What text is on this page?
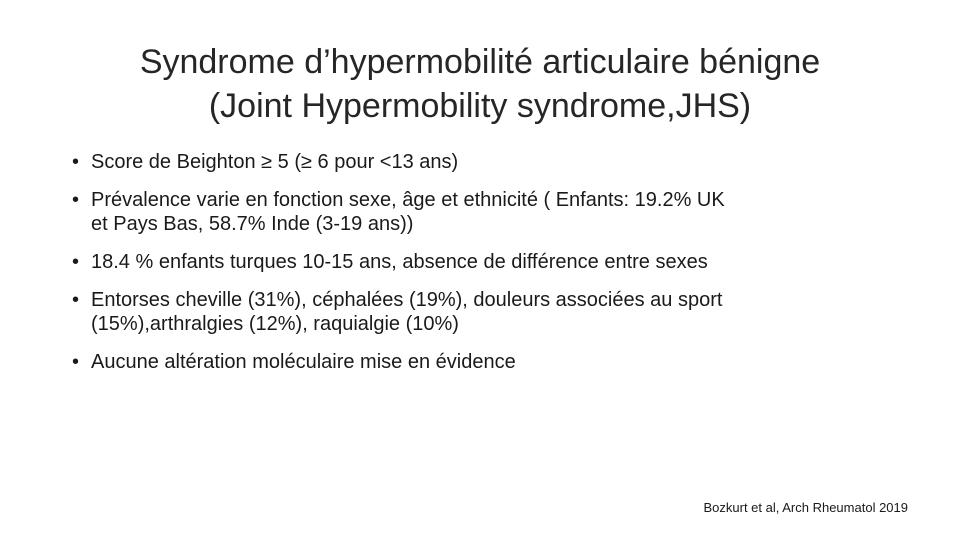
Syndrome d’hypermobilité articulaire bénigne
(Joint Hypermobility syndrome,JHS)
• Score de Beighton ≥ 5 (≥ 6 pour <13 ans)
• Prévalence varie en fonction sexe, âge et ethnicité ( Enfants: 19.2% UK
et Pays Bas, 58.7% Inde (3-19 ans))
• 18.4 % enfants turques 10-15 ans, absence de différence entre sexes
• Entorses cheville (31%), céphalées (19%), douleurs associées au sport
(15%),arthralgies (12%), raquialgie (10%)
• Aucune altération moléculaire mise en évidence
Bozkurt et al, Arch Rheumatol 2019
